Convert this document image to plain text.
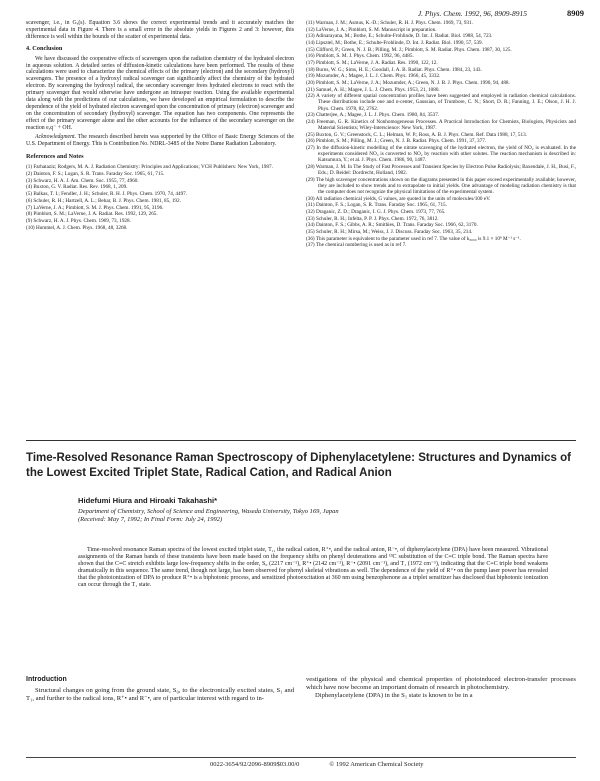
J. Phys. Chem. 1992, 96, 8909-8915	8909

scavenger, i.e., in Gₓ(s). Equation 3.6 shows the correct experimental trends and it accurately matches the experimental data in Figure 4. There is a small error in the absolute yields in Figures 2 and 3: however, this difference is well within the bounds of the scatter of experimental data.

4. Conclusion

We have discussed the cooperative effects of scavengers upon the radiation chemistry of the hydrated electron in aqueous solution. A detailed series of diffusion-kinetic calculations have been performed. The results of these calculations were used to characterize the chemical effects of the primary (electron) and the secondary (hydroxyl) scavengers. The presence of a hydroxyl radical scavenger can significantly affect the chemistry of the hydrated electron. By scavenging the hydroxyl radical, the secondary scavenger frees hydrated electrons to react with the primary scavenger that would otherwise have undergone an intraspur reaction. Using the available experimental data along with the predictions of our calculations, we have developed an empirical formulation to describe the dependence of the yield of hydrated electron scavenged upon the concentration of primary (electron) scavenger and on the concentration of secondary (hydroxyl) scavenger. The equation has two components. One represents the effect of the primary scavenger alone and the other accounts for the influence of the secondary scavenger on the reaction eₐq⁻ + OH.

Acknowledgment. The research described herein was supported by the Office of Basic Energy Sciences of the U.S. Department of Energy. This is Contribution No. NDRL-3485 of the Notre Dame Radiation Laboratory.

References and Notes
(1) Farhataziz; Rodgers, M. A. J. Radiation Chemistry: Principles and Applications; VCH Publishers: New York, 1987.
(2) Dainton, F. S.; Logan, S. R. Trans. Faraday Soc. 1965, 61, 715.
(3) Schwarz, H. A. J. Am. Chem. Soc. 1955, 77, 4960.
(4) Buxton, G. V. Radiat. Res. Rev. 1968, 1, 209.
(5) Balkas, T. I.; Fendler, J. H.; Schuler, R. H. J. Phys. Chem. 1970, 74, 4497.
(6) Schuler, R. H.; Hartzell, A. L.; Behar, B. J. Phys. Chem. 1981, 85, 192.
(7) LaVerne, J. A.; Pimblott, S. M. J. Phys. Chem. 1991, 95, 3196.
(8) Pimblott, S. M.; LaVerne, J. A. Radiat. Res. 1992, 129, 265.
(9) Schwarz, H. A. J. Phys. Chem. 1969, 73, 1928.
(10) Hummel, A. J. Chem. Phys. 1968, 48, 3268.
(11) Warman, J. M.; Asmus, K.-D.; Schuler, R. H. J. Phys. Chem. 1969, 73, 931.
(12) LaVerne, J. A.; Pimblott, S. M. Manuscript in preparation.
(13) Adinarayana, M.; Bothe, E.; Schulte-Frohlinde, D. Int. J. Radiat. Biol. 1988, 54, 723.
(14) Lipsztel, M.; Bothe, E.; Schulte-Frohlinde, D. Int. J. Radiat. Biol. 1990, 57, 539.
(15) Clifford, P.; Green, N. J. B.; Pilling, M. J.; Pimblott, S. M. Radiat. Phys. Chem. 1987, 30, 125.
(16) Pimblott, S. M. J. Phys. Chem. 1992, 96, 4485.
(17) Pimblott, S. M.; LaVerne, J. A. Radiat. Res. 1990, 122, 12.
(18) Burns, W. G.; Sims, H. E.; Goodall, J. A. B. Radiat. Phys. Chem. 1984, 23, 143.
(19) Mozumder, A.; Magee, J. L. J. Chem. Phys. 1966, 45, 3332.
(20) Pimblott, S. M.; LaVerne, J. A.; Mozumder, A.; Green, N. J. B. J. Phys. Chem. 1990, 94, 488.
(21) Samuel, A. H.; Magee, J. L. J. Chem. Phys. 1953, 21, 1080.
(22) A variety of different spatial concentration profiles have been suggested and employed in radiation chemical calculations. These distributions include one and n-center, Gaussian, of Trumbore, C. N.; Short, D. R.; Fanning, J. E.; Olson, J. H. J. Phys. Chem. 1978, 82, 2762.
(23) Chatterjee, A.; Magee, J. L. J. Phys. Chem. 1980, 84, 3537.
(24) Freeman, G. R. Kinetics of Nonhomogeneous Processes. A Practical Introduction for Chemists, Biologists, Physicists and Material Scientists; Wiley-Interscience: New York, 1987.
(25) Buxton, G. V.; Greenstock, C. L.; Helman, W. P.; Ross, A. B. J. Phys. Chem. Ref. Data 1988, 17, 513.
(26) Pimblott, S. M.; Pilling, M. J.; Green, N. J. B. Radiat. Phys. Chem. 1991, 37, 377.
(27) In the diffusion-kinetic modelling of the nitrate scavenging of the hydrated electron, the yield of NO₂ is evaluated. In the experiments considered NO₃ is converted to NO₂ by reaction with other solutes. The reaction mechanism is described in: Katsumura, Y.; et al. J. Phys. Chem. 1986, 90, 1487.
(28) Warman, J. M. In The Study of Fast Processes and Transient Species by Electron Pulse Radiolysis; Baxendale, J. H., Busi, F., Eds.; D. Reidel: Dordrecht, Holland, 1982.
(29) The high scavenger concentrations shown on the diagrams presented in this paper exceed experimentally available; however, they are included to show trends and to extrapolate to initial yields. One advantage of modeling radiation chemistry is that the computer does not recognize the physical limitations of the experimental system.
(30) All radiation chemical yields, G values, are quoted in the units of molecules/100 eV.
(31) Dainton, F. S.; Logan, S. R. Trans. Faraday Soc. 1965, 61, 715.
(32) Draganic, Z. D.; Draganic, I. G. J. Phys. Chem. 1973, 77, 765.
(33) Schuler, R. H.; Infelta, P. P. J. Phys. Chem. 1972, 76, 3812.
(34) Dainton, F. S.; Gibbs, A. R.; Smithies, D. Trans. Faraday Soc. 1966, 62, 3170.
(35) Schuler, R. H.; Mirsa, M.; Weiss, J. J. Discuss. Faraday Soc. 1963, 35, 214.
(36) This parameter is equivalent to the parameter used in ref 7. The value of k₀₀₀₀ is 9.1 × 10⁹ M⁻¹ s⁻¹.
(37) The chemical numbering is used as in ref 7.
Time-Resolved Resonance Raman Spectroscopy of Diphenylacetylene: Structures and Dynamics of the Lowest Excited Triplet State, Radical Cation, and Radical Anion
Hidefumi Hiura and Hiroaki Takahashi*
Department of Chemistry, School of Science and Engineering, Waseda University, Tokyo 169, Japan
(Received: May 7, 1992; In Final Form: July 24, 1992)

Time-resolved resonance Raman spectra of the lowest excited triplet state, T₁, the radical cation, R⁺•, and the radical anion, R⁻•, of diphenylacetylene (DPA) have been measured. Vibrational assignments of the Raman bands of these transients have been made based on the frequency shifts on phenyl deuterations and ¹³C substitution of the C≡C triple bond. The Raman spectra have shown that the C≡C stretch exhibits large low-frequency shifts in the order, S₀ (2217 cm⁻¹), R⁺• (2142 cm⁻¹), R⁻• (2091 cm⁻¹), and T₁ (1972 cm⁻¹), indicating that the C≡C triple bond weakens dramatically in this sequence. The same trend, though not large, has been observed for phenyl skeletal vibrations as well. The dependence of the yield of R⁺• on the pump laser power has revealed that the photoionization of DPA to produce R⁺• is a biphotonic process, and sensitized photoexcitation at 360 nm using benzophenone as a triplet sensitizer has disclosed that biphotonic ionization can occur through the T₁ state.

Introduction

Structural changes on going from the ground state, S₀, to the electronically excited states, S₁ and T₁, and further to the radical ions, R⁺• and R⁻•, are of particular interest with regard to in-

vestigations of the physical and chemical properties of photoinduced electron-transfer processes which have now become an important domain of research in photochemistry.

Diphenylacetylene (DPA) in the S₁ state is known to be in a

0022-3654/92/2096-8909$03.00/0	© 1992 American Chemical Society
